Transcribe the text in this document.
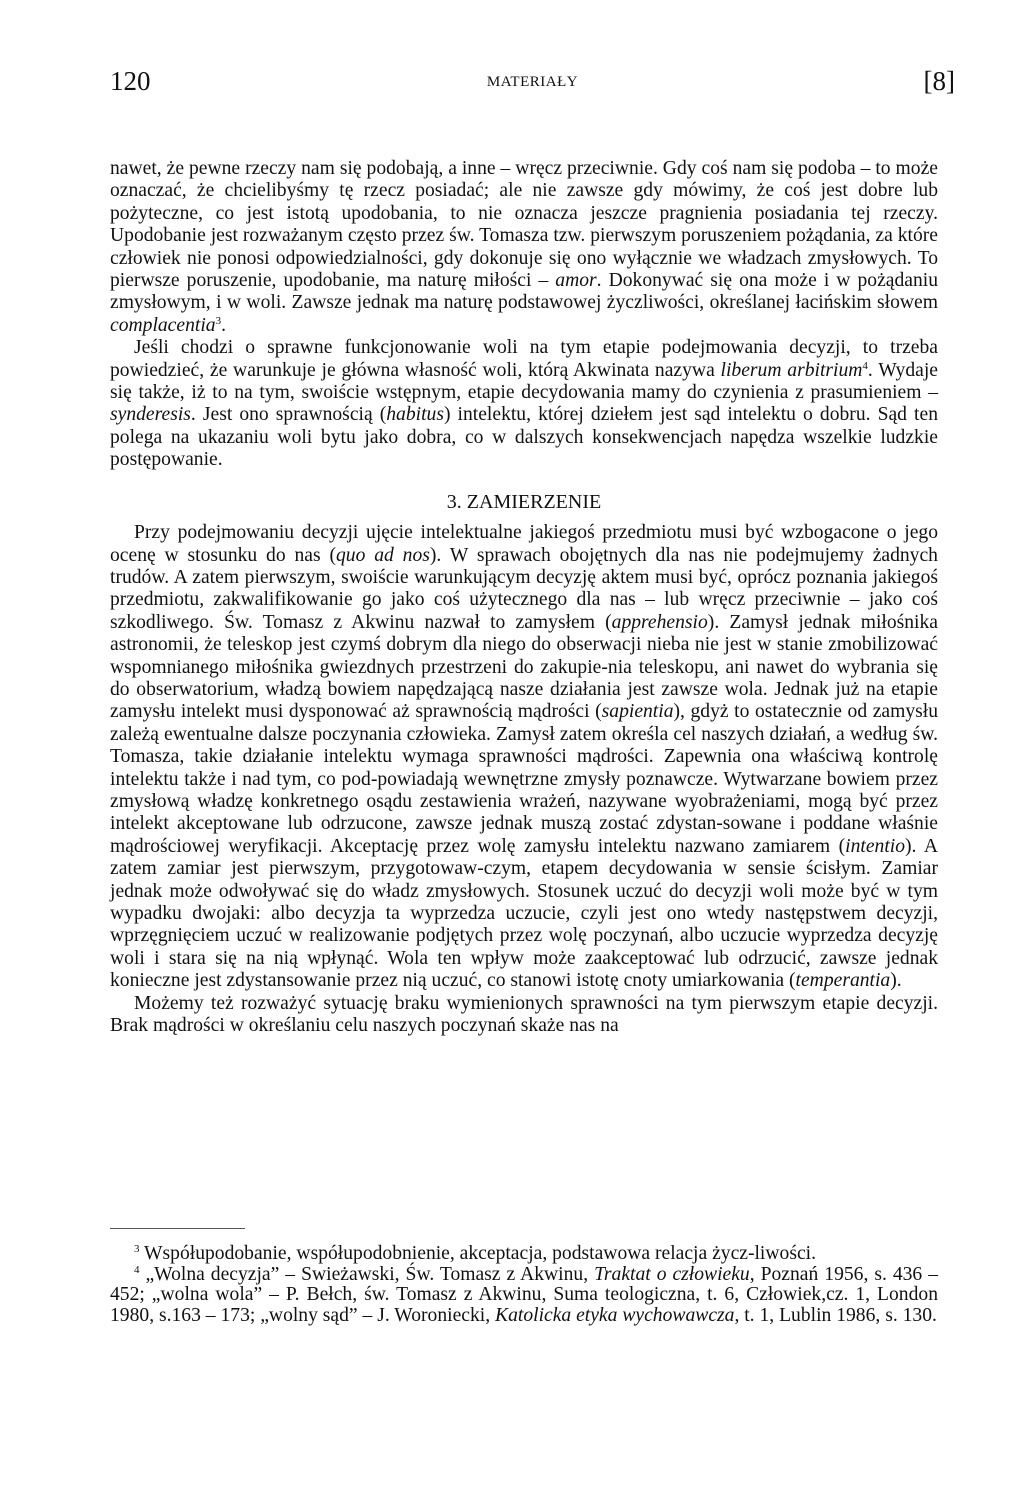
120	MATERIAŁY	[8]

nawet, że pewne rzeczy nam się podobają, a inne – wręcz przeciwnie. Gdy coś nam się podoba – to może oznaczać, że chcielibyśmy tę rzecz posiadać; ale nie zawsze gdy mówimy, że coś jest dobre lub pożyteczne, co jest istotą upodobania, to nie oznacza jeszcze pragnienia posiadania tej rzeczy. Upodobanie jest rozważanym często przez św. Tomasza tzw. pierwszym poruszeniem pożądania, za które człowiek nie ponosi odpowiedzialności, gdy dokonuje się ono wyłącznie we władzach zmysłowych. To pierwsze poruszenie, upodobanie, ma naturę miłości – amor. Dokonywać się ona może i w pożądaniu zmysłowym, i w woli. Zawsze jednak ma naturę podstawowej życzliwości, określanej łacińskim słowem complacentia$^3$.

Jeśli chodzi o sprawne funkcjonowanie woli na tym etapie podejmowania decyzji, to trzeba powiedzieć, że warunkuje je główna własność woli, którą Akwinata nazywa liberum arbitrium$^4$. Wydaje się także, iż to na tym, swoiście wstępnym, etapie decydowania mamy do czynienia z prasumieniem – synderesis. Jest ono sprawnością (habitus) intelektu, której dziełem jest sąd intelektu o dobru. Sąd ten polega na ukazaniu woli bytu jako dobra, co w dalszych konsekwencjach napędza wszelkie ludzkie postępowanie.

3. ZAMIERZENIE

Przy podejmowaniu decyzji ujęcie intelektualne jakiegoś przedmiotu musi być wzbogacone o jego ocenę w stosunku do nas (quo ad nos). W sprawach obojętnych dla nas nie podejmujemy żadnych trudów. A zatem pierwszym, swoiście warunkującym decyzję aktem musi być, oprócz poznania jakiegoś przedmiotu, zakwalifikowanie go jako coś użytecznego dla nas – lub wręcz przeciwnie – jako coś szkodliwego. Św. Tomasz z Akwinu nazwał to zamysłem (apprehensio). Zamysł jednak miłośnika astronomii, że teleskop jest czymś dobrym dla niego do obserwacji nieba nie jest w stanie zmobilizować wspomnianego miłośnika gwiezdnych przestrzeni do zakupie-nia teleskopu, ani nawet do wybrania się do obserwatorium, władzą bowiem napędzającą nasze działania jest zawsze wola. Jednak już na etapie zamysłu intelekt musi dysponować aż sprawnością mądrości (sapientia), gdyż to ostatecznie od zamysłu zależą ewentualne dalsze poczynania człowieka. Zamysł zatem określa cel naszych działań, a według św. Tomasza, takie działanie intelektu wymaga sprawności mądrości. Zapewnia ona właściwą kontrolę intelektu także i nad tym, co pod-powiadają wewnętrzne zmysły poznawcze. Wytwarzane bowiem przez zmysłową władzę konkretnego osądu zestawienia wrażeń, nazywane wyobrażeniami, mogą być przez intelekt akceptowane lub odrzucone, zawsze jednak muszą zostać zdystan-sowane i poddane właśnie mądrościowej weryfikacji. Akceptację przez wolę zamysłu intelektu nazwano zamiarem (intentio). A zatem zamiar jest pierwszym, przygotowaw-czym, etapem decydowania w sensie ścisłym. Zamiar jednak może odwoływać się do władz zmysłowych. Stosunek uczuć do decyzji woli może być w tym wypadku dwojaki: albo decyzja ta wyprzedza uczucie, czyli jest ono wtedy następstwem decyzji, wprzęgnięciem uczuć w realizowanie podjętych przez wolę poczynań, albo uczucie wyprzedza decyzję woli i stara się na nią wpłynąć. Wola ten wpływ może zaakceptować lub odrzucić, zawsze jednak konieczne jest zdystansowanie przez nią uczuć, co stanowi istotę cnoty umiarkowania (temperantia).

Możemy też rozważyć sytuację braku wymienionych sprawności na tym pierwszym etapie decyzji. Brak mądrości w określaniu celu naszych poczynań skaże nas na

$^3$ Współupodobanie, współupodobnienie, akceptacja, podstawowa relacja życz-liwości.

$^4$ „Wolna decyzja” – Swieżawski, Św. Tomasz z Akwinu, Traktat o człowieku, Poznań 1956, s. 436 – 452; „wolna wola” – P. Bełch, św. Tomasz z Akwinu, Suma teologiczna, t. 6, Człowiek,cz. 1, London 1980, s.163 – 173; „wolny sąd” – J. Woroniecki, Katolicka etyka wychowawcza, t. 1, Lublin 1986, s. 130.
